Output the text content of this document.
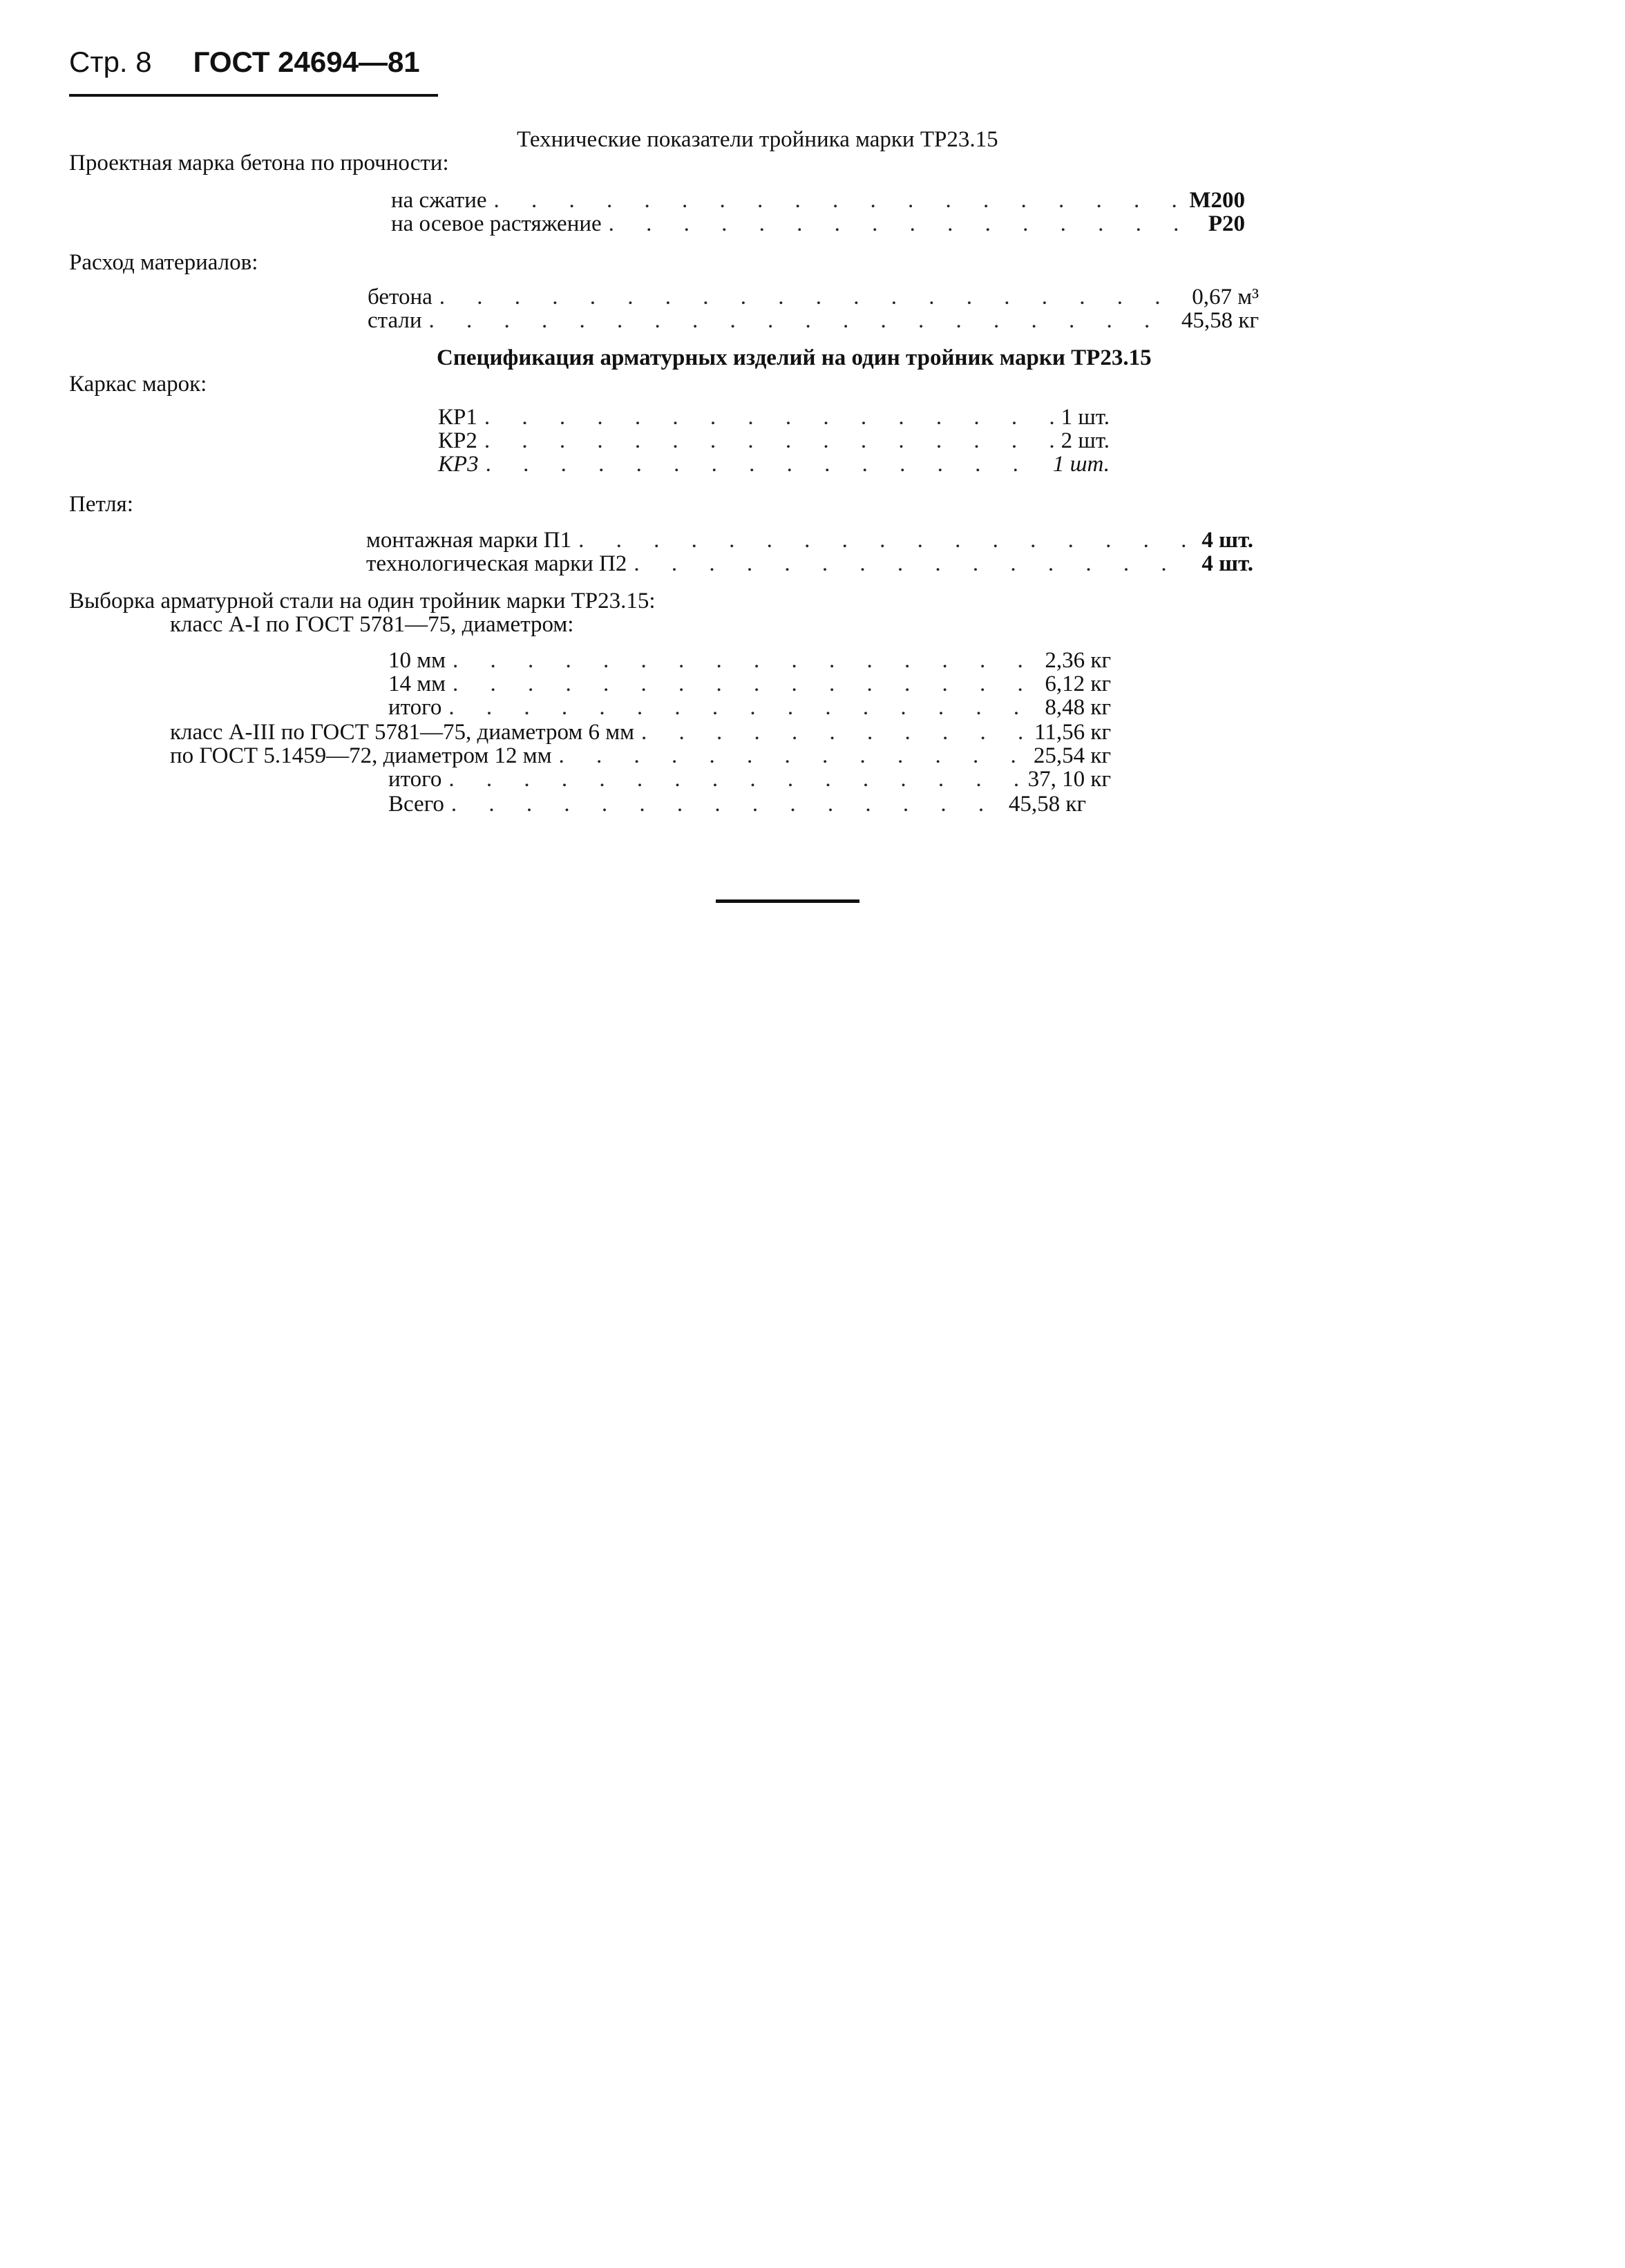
Стр. 8 ГОСТ 24694—81
Технические показатели тройника марки ТР23.15
Проектная марка бетона по прочности:
на сжатие . . .	М200
на осевое растяжение . . .	Р20
Расход материалов:
бетона . . .	0,67 м³
стали . . .	45,58 кг
Спецификация арматурных изделий на один тройник марки ТР23.15
Каркас марок:
КР1 . . .	1 шт.
КР2 . . .	2 шт.
КР3 . . .	1 шт.
Петля:
монтажная марки П1 . . .	4 шт.
технологическая марки П2 . . .	4 шт.
Выборка арматурной стали на один тройник марки ТР23.15:
класс А-I по ГОСТ 5781—75, диаметром:
10 мм . . .	2,36 кг
14 мм . . .	6,12 кг
итого . . .	8,48 кг
класс А-III по ГОСТ 5781—75, диаметром 6 мм . . .	11,56 кг
по ГОСТ 5.1459—72, диаметром 12 мм . . .	25,54 кг
итого . . .	37, 10 кг
Всего . . .	45,58 кг
